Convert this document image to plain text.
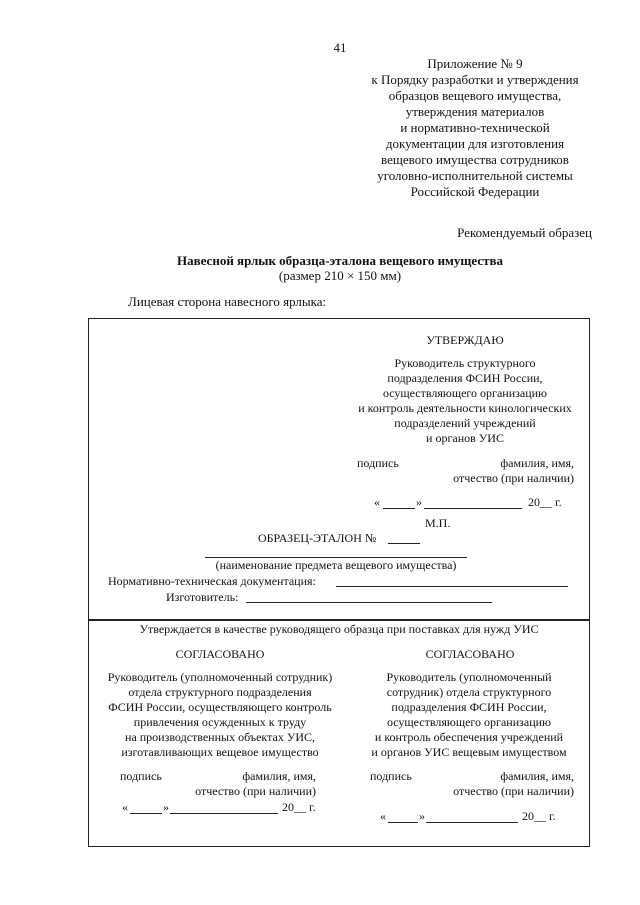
41
Приложение № 9
к Порядку разработки и утверждения
образцов вещевого имущества,
утверждения материалов
и нормативно-технической
документации для изготовления
вещевого имущества сотрудников
уголовно-исполнительной системы
Российской Федерации
Рекомендуемый образец
Навесной ярлык образца-эталона вещевого имущества
(размер 210 × 150 мм)
Лицевая сторона навесного ярлыка:
УТВЕРЖДАЮ
Руководитель структурного
подразделения ФСИН России,
осуществляющего организацию
и контроль деятельности кинологических
подразделений учреждений
и органов УИС
подпись	фамилия, имя,
отчество (при наличии)
«	»	20__ г.
М.П.
ОБРАЗЕЦ-ЭТАЛОН №
(наименование предмета вещевого имущества)
Нормативно-техническая документация:
Изготовитель:
Утверждается в качестве руководящего образца при поставках для нужд УИС
СОГЛАСОВАНО
Руководитель (уполномоченный сотрудник)
отдела структурного подразделения
ФСИН России, осуществляющего контроль
привлечения осужденных к труду
на производственных объектах УИС,
изготавливающих вещевое имущество
подпись	фамилия, имя,
отчество (при наличии)
«	»	20__ г.
СОГЛАСОВАНО
Руководитель (уполномоченный
сотрудник) отдела структурного
подразделения ФСИН России,
осуществляющего организацию
и контроль обеспечения учреждений
и органов УИС вещевым имуществом
подпись	фамилия, имя,
отчество (при наличии)
«	»	20__ г.
